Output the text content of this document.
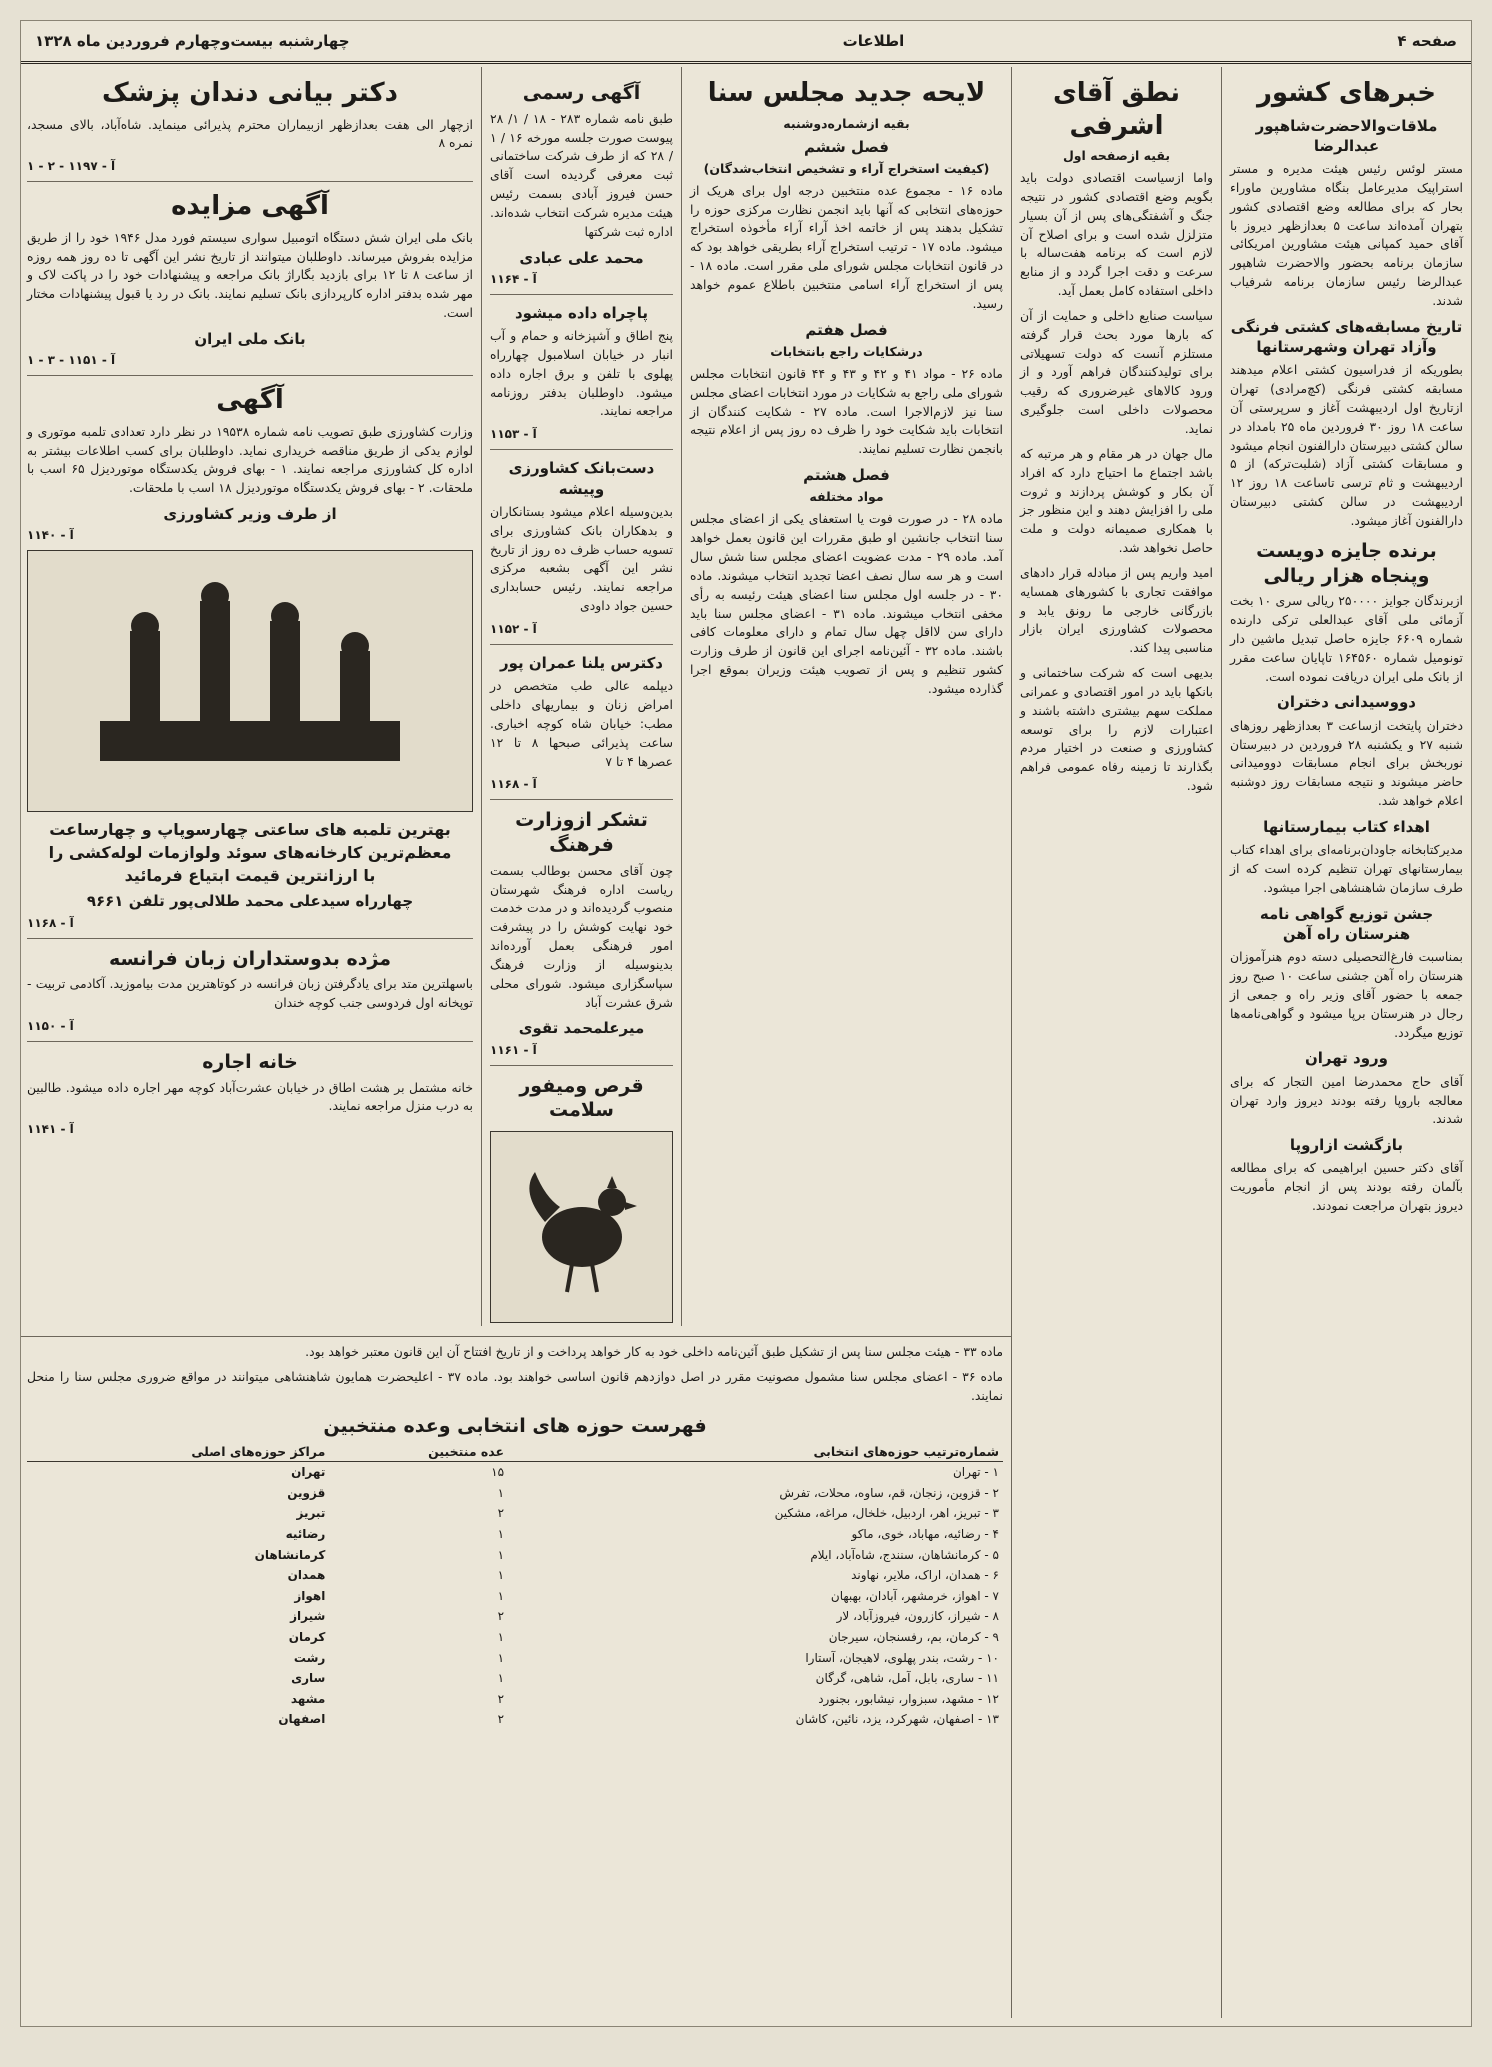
صفحه ۴
اطلاعات
چهارشنبه بیست‌وچهارم فروردین ماه ۱۳۲۸
خبرهای کشور
ملاقات‌والاحضرت‌شاهپور عبدالرضا

مستر لوئس رئیس هیئت مدیره و مستر استراپیک مدیرعامل بنگاه مشاورین ماوراء بحار که برای مطالعه وضع اقتصادی کشور بتهران آمده‌اند ساعت ۵ بعدازظهر دیروز با آقای حمید کمپانی هیئت مشاورین امریکائی سازمان برنامه بحضور والاحضرت شاهپور عبدالرضا رئیس سازمان برنامه شرفیاب شدند.

تاریخ مسابقه‌های کشتی فرنگی وآزاد تهران وشهرستانها

بطوریکه از فدراسیون کشتی اعلام میدهند مسابقه کشتی فرنگی (کچ‌مرادی) تهران ازتاریخ اول اردیبهشت آغاز و سرپرستی آن ساعت ۱۸ روز ۳۰ فروردین ماه ۲۵ بامداد در سالن کشتی دبیرستان دارالفنون انجام میشود و مسابقات کشتی آزاد (شلبت‌ترکه) از ۵ اردیبهشت و ثام ترسی تاساعت ۱۸ روز ۱۲ اردیبهشت در سالن کشتی دبیرستان دارالفنون آغاز میشود.

برنده جایزه دویست وپنجاه هزار ریالی

ازبرندگان جوایز ۲۵۰۰۰۰ ریالی سری ۱۰ بخت آزمائی ملی آقای عبدالعلی ترکی دارنده شماره ۶۶۰۹ جایزه حاصل تبدیل ماشین دار تونومیل شماره ۱۶۴۵۶۰ تاپایان ساعت مقرر از بانک ملی ایران دریافت نموده است.

دووسیدانی دختران

دختران پایتخت ازساعت ۳ بعدازظهر روزهای شنبه ۲۷ و یکشنبه ۲۸ فروردین در دبیرستان نوربخش برای انجام مسابقات دوومیدانی حاضر میشوند و نتیجه مسابقات روز دوشنبه اعلام خواهد شد.

اهداء‌ کتاب بیمارستانها

مدیرکتابخانه جاودان‌برنامه‌ای برای اهداء کتاب بیمارستانهای تهران تنظیم کرده است که از طرف سازمان شاهنشاهی اجرا میشود.

جشن توزیع گواهی نامه هنرستان راه آهن

بمناسبت فارغ‌التحصیلی دسته دوم هنرآموزان هنرستان راه آهن جشنی ساعت ۱۰ صبح روز جمعه با حضور آقای وزیر راه و جمعی از رجال در هنرستان برپا میشود و گواهی‌نامه‌ها توزیع میگردد.

ورود تهران

آقای حاج محمدرضا امین التجار که برای معالجه باروپا رفته بودند دیروز وارد تهران شدند.

بازگشت ازاروپا

آقای دکتر حسین ابراهیمی که برای مطالعه بآلمان رفته بودند پس از انجام مأموریت دیروز بتهران مراجعت نمودند.

نطق آقای اشرفی
بقیه ازصفحه اول

واما ازسیاست اقتصادی دولت باید بگویم وضع اقتصادی کشور در نتیجه جنگ و آشفتگی‌های پس از آن بسیار متزلزل شده است و برای اصلاح آن لازم است که برنامه هفت‌ساله با سرعت و دقت اجرا گردد و از منابع داخلی استفاده کامل بعمل آید.

سیاست صنایع داخلی و حمایت از آن که بارها مورد بحث قرار گرفته مستلزم آنست که دولت تسهیلاتی برای تولیدکنندگان فراهم آورد و از ورود کالاهای غیرضروری که رقیب محصولات داخلی است جلوگیری نماید.

مال جهان در هر مقام و هر مرتبه که باشد اجتماع ما احتیاج دارد که افراد آن بکار و کوشش پردازند و ثروت ملی را افزایش دهند و این منظور جز با همکاری صمیمانه دولت و ملت حاصل نخواهد شد.

امید واریم پس از مبادله قرار دادهای موافقت تجاری با کشورهای همسایه بازرگانی خارجی ما رونق یابد و محصولات کشاورزی ایران بازار مناسبی پیدا کند.

بدیهی است که شرکت ساختمانی و بانکها باید در امور اقتصادی و عمرانی مملکت سهم بیشتری داشته باشند و اعتبارات لازم را برای توسعه کشاورزی و صنعت در اختیار مردم بگذارند تا زمینه رفاه عمومی فراهم شود.

لایحه جدید مجلس سنا
بقیه ازشماره‌دوشنبه
فصل ششم
(کیفیت استخراج آراء و تشخیص انتخاب‌شدگان)

ماده ۱۶ - مجموع عده منتخبین درجه اول برای هریک از حوزه‌های انتخابی که آنها باید انجمن نظارت مرکزی حوزه را تشکیل بدهند پس از خاتمه اخذ آراء آراء مأخوذه استخراج میشود. ماده ۱۷ - ترتیب استخراج آراء بطریقی خواهد بود که در قانون انتخابات مجلس شورای ملی مقرر است. ماده ۱۸ - پس از استخراج آراء اسامی منتخبین باطلاع عموم خواهد رسید.

فصل هفتم
درشکایات راجع بانتخابات

ماده ۲۶ - مواد ۴۱ و ۴۲ و ۴۳ و ۴۴ قانون انتخابات مجلس شورای ملی راجع به شکایات در مورد انتخابات اعضای مجلس سنا نیز لازم‌الاجرا است. ماده ۲۷ - شکایت کنندگان از انتخابات باید شکایت خود را ظرف ده روز پس از اعلام نتیجه بانجمن نظارت تسلیم نمایند.

فصل هشتم
مواد مختلفه

ماده ۲۸ - در صورت فوت یا استعفای یکی از اعضای مجلس سنا انتخاب جانشین او طبق مقررات این قانون بعمل خواهد آمد. ماده ۲۹ - مدت عضویت اعضای مجلس سنا شش سال است و هر سه سال نصف اعضا تجدید انتخاب میشوند. ماده ۳۰ - در جلسه اول مجلس سنا اعضای هیئت رئیسه به رأی مخفی انتخاب میشوند. ماده ۳۱ - اعضای مجلس سنا باید دارای سن لااقل چهل سال تمام و دارای معلومات کافی باشند. ماده ۳۲ - آئین‌نامه اجرای این قانون از طرف وزارت کشور تنظیم و پس از تصویب هیئت وزیران بموقع اجرا گذارده میشود.

آگهی رسمی

طبق نامه شماره ۲۸۳ - ۱۸ / ۱/ ۲۸ پیوست صورت جلسه مورخه ۱۶ / ۱ / ۲۸ که از طرف شرکت ساختمانی ثبت معرفی گردیده است آقای حسن فیروز آبادی بسمت رئیس هیئت مدیره شرکت انتخاب شده‌اند. اداره ثبت شرکتها

محمد علی عبادی
آ - ۱۱۶۴
پاچراه داده میشود

پنج اطاق و آشپزخانه و حمام و آب انبار در خیابان اسلامبول چهارراه پهلوی با تلفن و برق اجاره داده میشود. داوطلبان بدفتر روزنامه مراجعه نمایند.

آ - ۱۱۵۳
دست‌بانک کشاورزی وپیشه

بدین‌وسیله اعلام میشود بستانکاران و بدهکاران بانک کشاورزی برای تسویه حساب ظرف ده روز از تاریخ نشر این آگهی بشعبه مرکزی مراجعه نمایند. رئیس حسابداری حسین جواد داودی

آ - ۱۱۵۲
دکترس یلنا عمران پور

دیپلمه عالی طب متخصص در امراض زنان و بیماریهای داخلی مطب: خیابان شاه کوچه اخباری. ساعت پذیرائی صبحها ۸ تا ۱۲ عصرها ۴ تا ۷

آ - ۱۱۶۸
تشکر ازوزارت فرهنگ

چون آقای محسن بوطالب بسمت ریاست اداره فرهنگ شهرستان منصوب گردیده‌اند و در مدت خدمت خود نهایت کوشش را در پیشرفت امور فرهنگی بعمل آورده‌اند بدینوسیله از وزارت فرهنگ سپاسگزاری میشود. شورای محلی شرق عشرت آباد

میرعلمحمد تقوی
آ - ۱۱۶۱
قرص ومیفور سلامت

دکتر بیانی دندان پزشک

ازچهار الی هفت بعدازظهر ازبیماران محترم پذیرائی مینماید. شاه‌آباد، بالای مسجد، نمره ۸

آ - ۱۱۹۷ - ۲ - ۱
آگهی مزایده

بانک ملی ایران شش دستگاه اتومبیل سواری سیستم فورد مدل ۱۹۴۶ خود را از طریق مزایده بفروش میرساند. داوطلبان میتوانند از تاریخ نشر این آگهی تا ده روز همه روزه از ساعت ۸ تا ۱۲ برای بازدید بگاراژ بانک مراجعه و پیشنهادات خود را در پاکت لاک و مهر شده بدفتر اداره کارپردازی بانک تسلیم نمایند. بانک در رد یا قبول پیشنهادات مختار است.

بانک ملی ایران
آ - ۱۱۵۱ - ۳ - ۱
آگهی

وزارت کشاورزی طبق تصویب نامه شماره ۱۹۵۳۸ در نظر دارد تعدادی تلمبه موتوری و لوازم یدکی از طریق مناقصه خریداری نماید. داوطلبان برای کسب اطلاعات بیشتر به اداره کل کشاورزی مراجعه نمایند. ۱ - بهای فروش یکدستگاه موتوردیزل ۶۵ اسب با ملحقات. ۲ - بهای فروش یکدستگاه موتوردیزل ۱۸ اسب با ملحقات.

از طرف وزیر کشاورزی
آ - ۱۱۴۰
بهترین تلمبه های ساعتی چهارسوپاپ و چهارساعت
معظم‌ترین کارخانه‌های سوئد ولوازمات لوله‌کشی را
با ارزانترین قیمت ابتیاع فرمائید
چهارراه سیدعلی محمد طلالی‌پور تلفن ۹۶۶۱
آ - ۱۱۶۸
مژده بدوستداران زبان فرانسه

باسهلترین متد برای یادگرفتن زبان فرانسه در کوتاهترین مدت بیاموزید. آکادمی تربیت - توپخانه اول فردوسی جنب کوچه خندان

آ - ۱۱۵۰
خانه اجاره

خانه مشتمل بر هشت اطاق در خیابان عشرت‌آباد کوچه مهر اجاره داده میشود. طالبین به درب منزل مراجعه نمایند.

آ - ۱۱۴۱

ماده ۳۳ - هیئت مجلس سنا پس از تشکیل طبق آئین‌نامه داخلی خود به کار خواهد پرداخت و از تاریخ افتتاح آن این قانون معتبر خواهد بود.

ماده ۳۶ - اعضای مجلس سنا مشمول مصونیت مقرر در اصل دوازدهم قانون اساسی خواهند بود. ماده ۳۷ - اعلیحضرت همایون شاهنشاهی میتوانند در مواقع ضروری مجلس سنا را منحل نمایند.

فهرست حوزه های انتخابی وعده منتخبین
شماره‌ترتیب حوزه‌های انتخابی	عده منتخبین	مراکز حوزه‌های اصلی
۱ - تهران	۱۵	تهران
۲ - قزوین، زنجان، قم، ساوه، محلات، تفرش	۱	قزوین
۳ - تبریز، اهر، اردبیل، خلخال، مراغه، مشکین	۲	تبریز
۴ - رضائیه، مهاباد، خوی، ماکو	۱	رضائیه
۵ - کرمانشاهان، سنندج، شاه‌آباد، ایلام	۱	کرمانشاهان
۶ - همدان، اراک، ملایر، نهاوند	۱	همدان
۷ - اهواز، خرمشهر، آبادان، بهبهان	۱	اهواز
۸ - شیراز، کازرون، فیروزآباد، لار	۲	شیراز
۹ - کرمان، بم، رفسنجان، سیرجان	۱	کرمان
۱۰ - رشت، بندر پهلوی، لاهیجان، آستارا	۱	رشت
۱۱ - ساری، بابل، آمل، شاهی، گرگان	۱	ساری
۱۲ - مشهد، سبزوار، نیشابور، بجنورد	۲	مشهد
۱۳ - اصفهان، شهرکرد، یزد، نائین، کاشان	۲	اصفهان
